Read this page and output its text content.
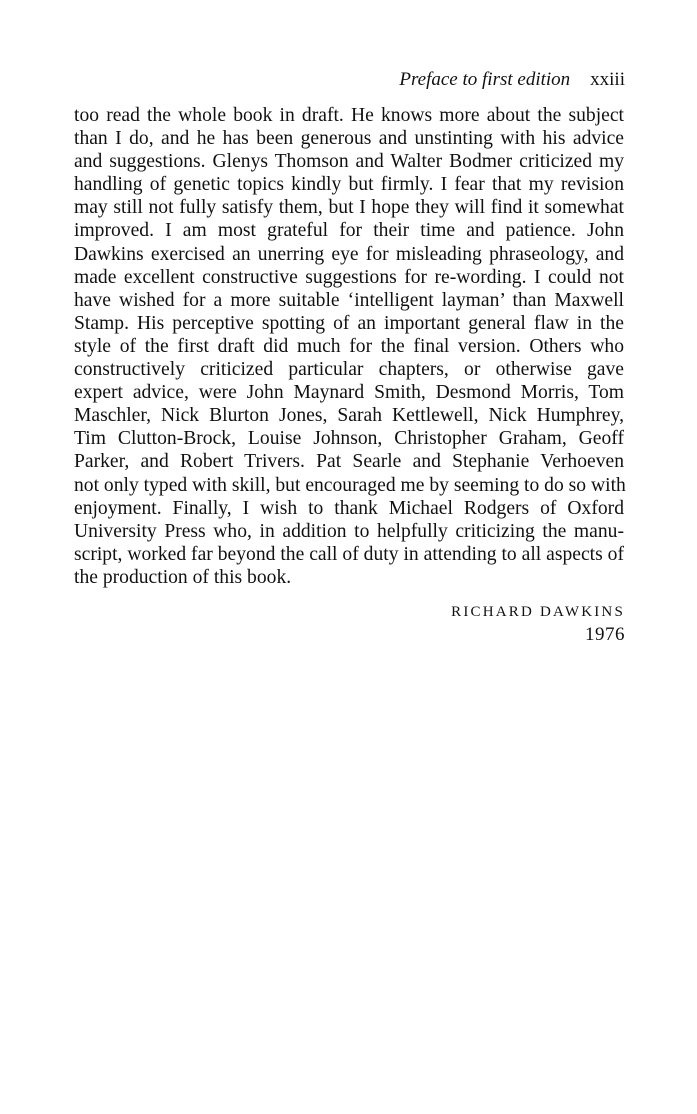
Preface to first edition xxiii
too read the whole book in draft. He knows more about the subject
than I do, and he has been generous and unstinting with his advice
and suggestions. Glenys Thomson and Walter Bodmer criticized my
handling of genetic topics kindly but firmly. I fear that my revision
may still not fully satisfy them, but I hope they will find it somewhat
improved. I am most grateful for their time and patience. John
Dawkins exercised an unerring eye for misleading phraseology, and
made excellent constructive suggestions for re-wording. I could not
have wished for a more suitable ‘intelligent layman’ than Maxwell
Stamp. His perceptive spotting of an important general flaw in the
style of the first draft did much for the final version. Others who
constructively criticized particular chapters, or otherwise gave
expert advice, were John Maynard Smith, Desmond Morris, Tom
Maschler, Nick Blurton Jones, Sarah Kettlewell, Nick Humphrey,
Tim Clutton-Brock, Louise Johnson, Christopher Graham, Geoff
Parker, and Robert Trivers. Pat Searle and Stephanie Verhoeven
not only typed with skill, but encouraged me by seeming to do so with
enjoyment. Finally, I wish to thank Michael Rodgers of Oxford
University Press who, in addition to helpfully criticizing the manu-
script, worked far beyond the call of duty in attending to all aspects of
the production of this book.
RICHARD DAWKINS
1976
